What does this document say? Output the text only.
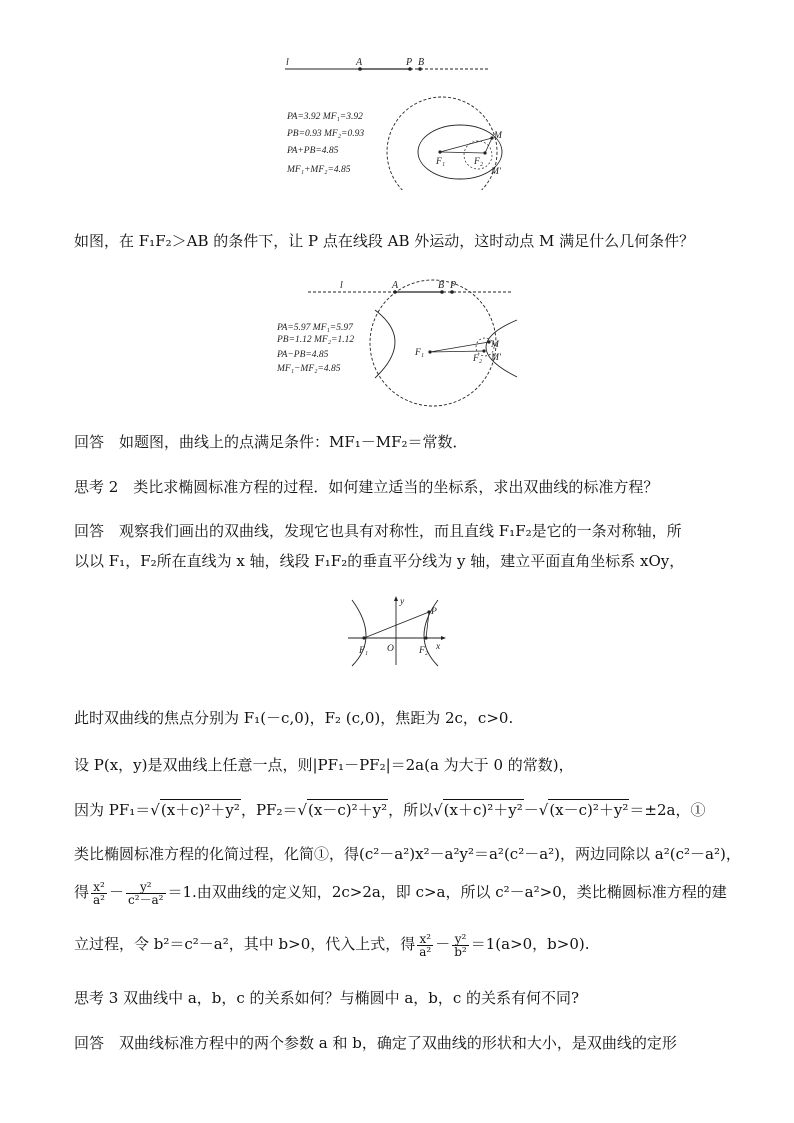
l	A	P B
PA=3.92 MF₁=3.92
PB=0.93 MF₂=0.93
PA+PB=4.85
MF₁+MF₂=4.85
M
M′
F₁	F₂
如图，在 F₁F₂＞AB 的条件下，让 P 点在线段 AB 外运动，这时动点 M 满足什么几何条件？
l	A	B P
PA=5.97 MF₁=5.97
PB=1.12 MF₂=1.12
PA−PB=4.85
MF₁−MF₂=4.85
M
M′
F₁
F₂
回答　如题图，曲线上的点满足条件：MF₁－MF₂＝常数．
思考 2　类比求椭圆标准方程的过程．如何建立适当的坐标系，求出双曲线的标准方程？
回答　观察我们画出的双曲线，发现它也具有对称性，而且直线 F₁F₂是它的一条对称轴，所
以以 F₁，F₂所在直线为 x 轴，线段 F₁F₂的垂直平分线为 y 轴，建立平面直角坐标系 xOy，
y
x
P
F₁ O	F₂
此时双曲线的焦点分别为 F₁(－c,0)，F₂ (c,0)，焦距为 2c，c>0.
设 P(x，y)是双曲线上任意一点，则|PF₁－PF₂|＝2a(a 为大于 0 的常数)，
因为 PF₁＝√(x＋c)²＋y²，PF₂＝√(x－c)²＋y²，所以√(x＋c)²＋y²－√(x－c)²＋y²＝±2a，①
类比椭圆标准方程的化简过程，化简①，得(c²－a²)x²－a²y²＝a²(c²－a²)，两边同除以 a²(c²－a²)，
得 $\frac{\text{x²}}{\text{a²}} - \frac{\text{y²}}{\text{c²－a²}} =1$.由双曲线的定义知，2c>2a，即 c>a，所以 c²－a²>0，类比椭圆标准方程的建
立过程，令 b²＝c²－a²，其中 b>0，代入上式，得 $\frac{\text{x²}}{\text{a²}} - \frac{\text{y²}}{\text{b²}} =1(a>0$，b>0).
思考 3 双曲线中 a，b，c 的关系如何？与椭圆中 a，b，c 的关系有何不同?
回答　双曲线标准方程中的两个参数 a 和 b，确定了双曲线的形状和大小，是双曲线的定形
